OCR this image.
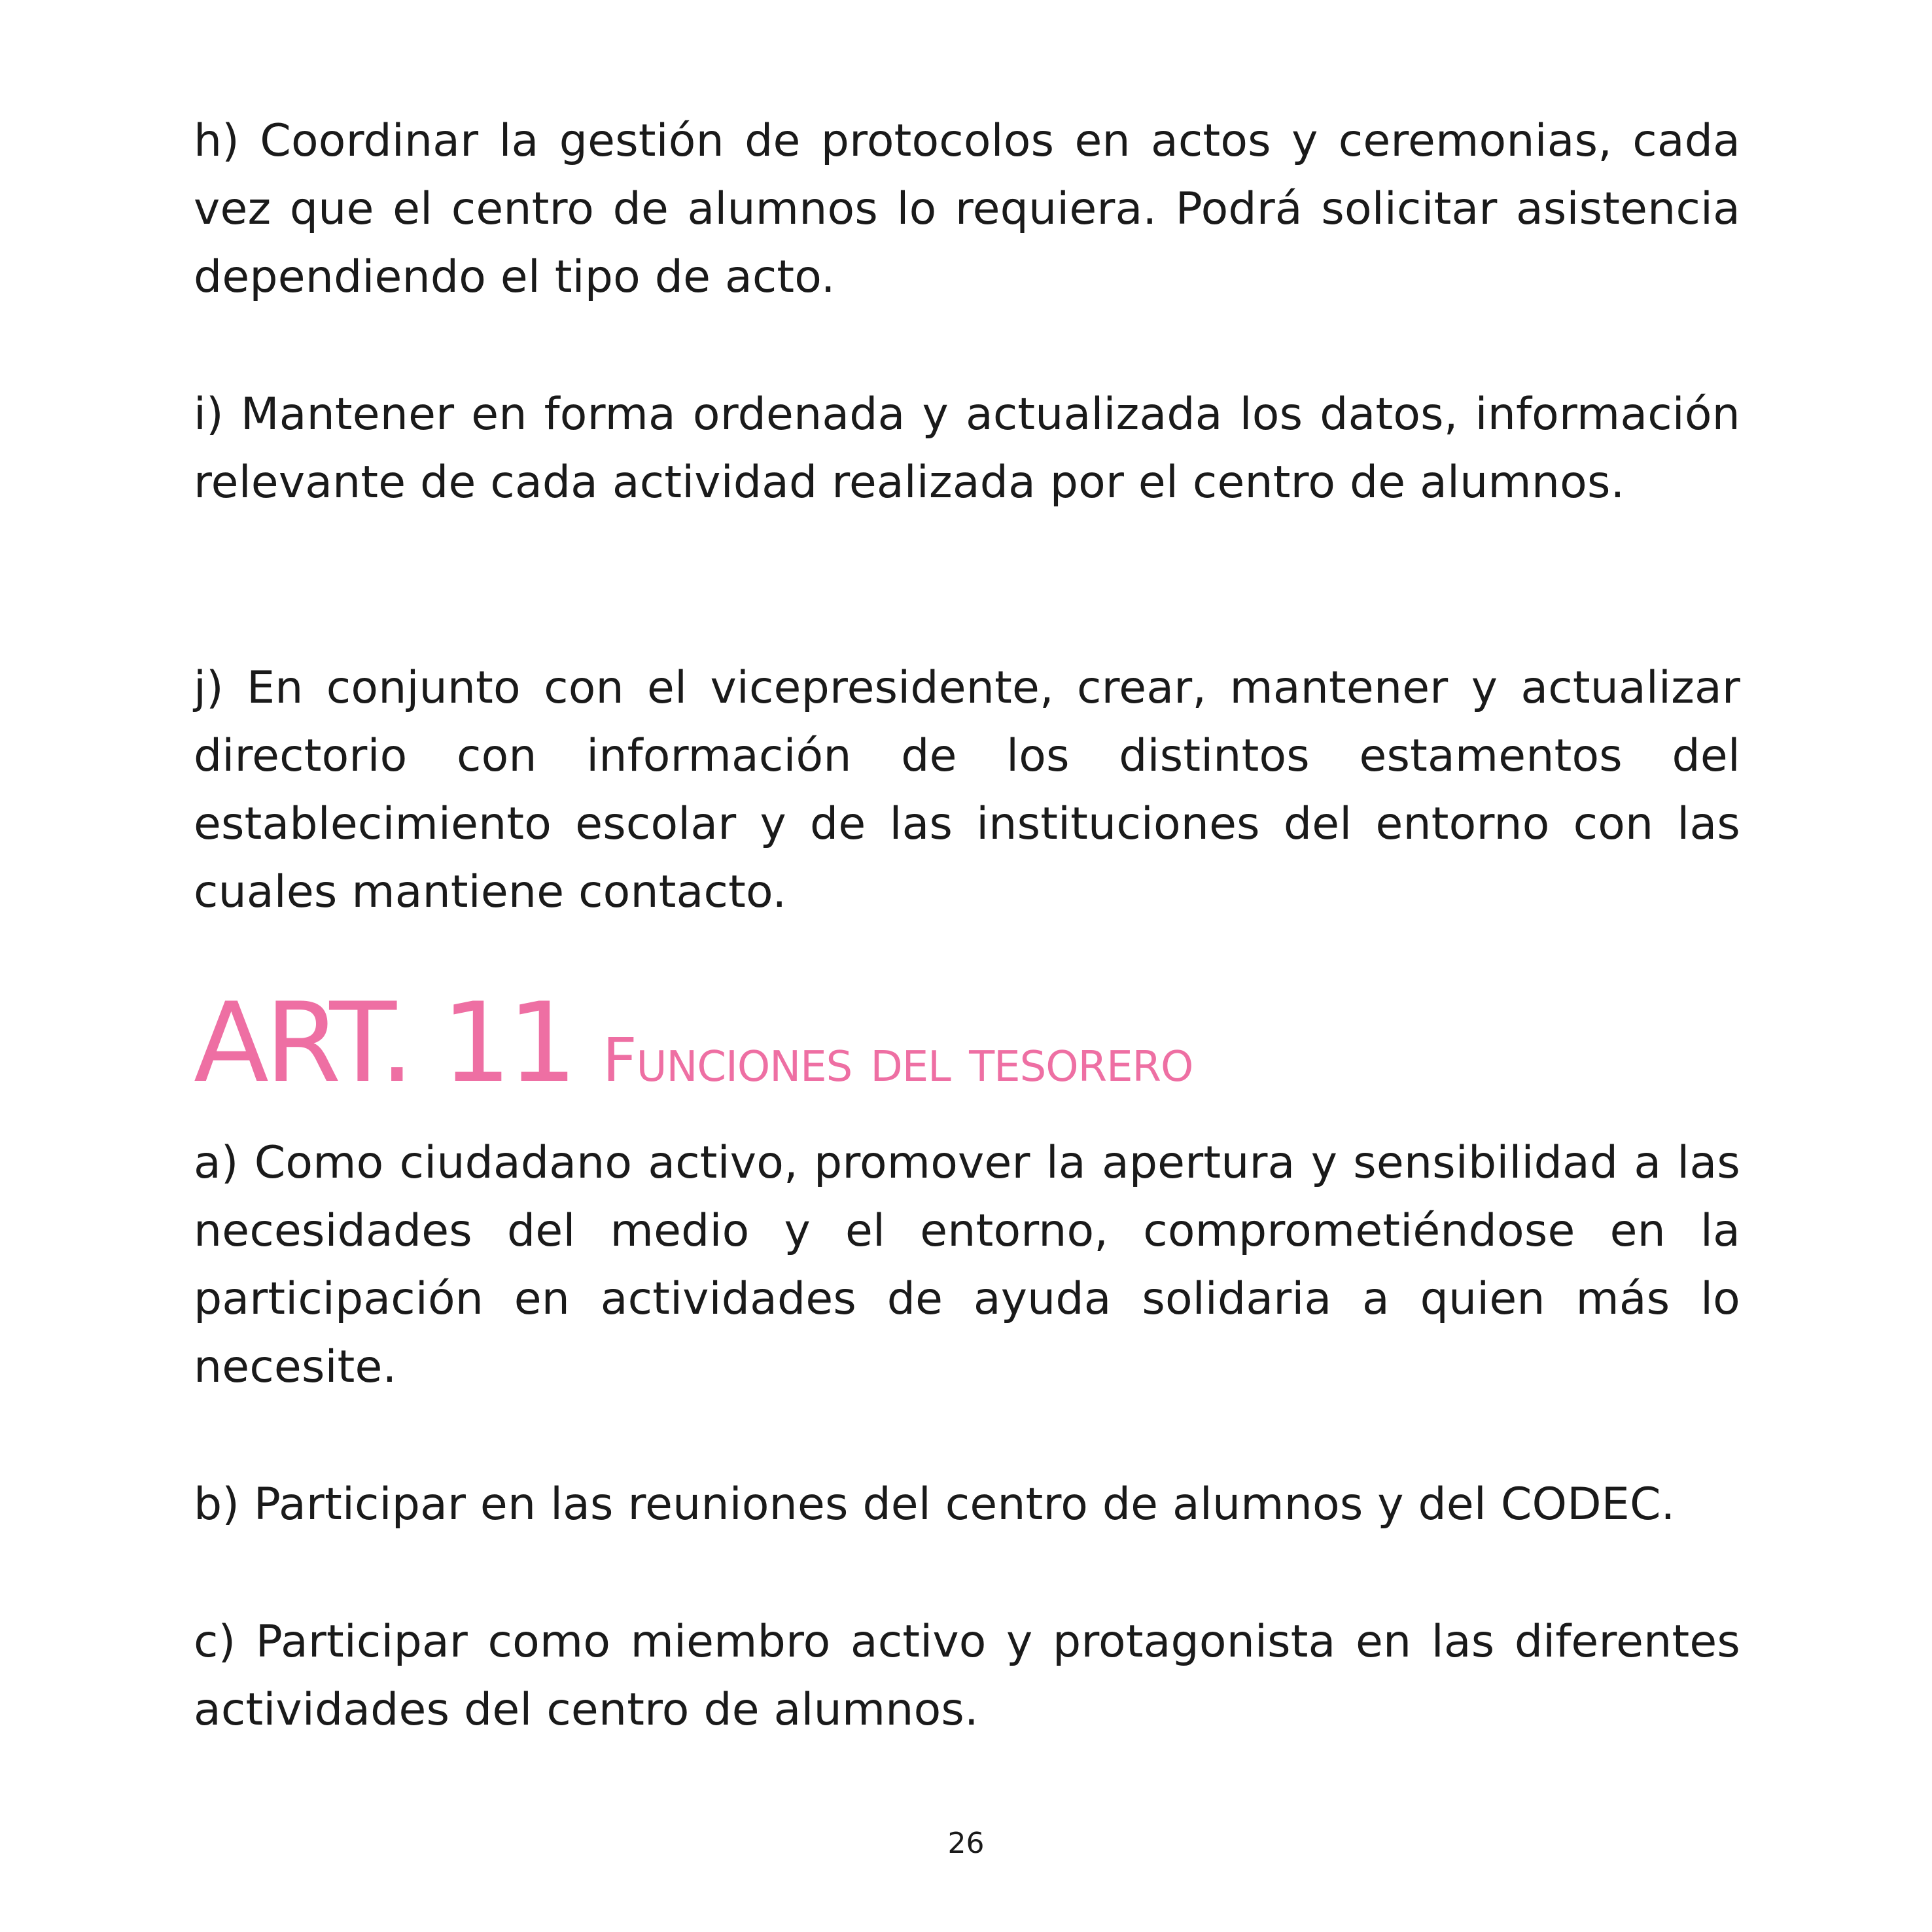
h) Coordinar la gestión de protocolos en actos y ceremonias, cada vez que el centro de alumnos lo requiera. Podrá solicitar asistencia dependiendo el tipo de acto.

i) Mantener en forma ordenada y actualizada los datos, información relevante de cada actividad realizada por el centro de alumnos.

j) En conjunto con el vicepresidente, crear, mantener y actualizar directorio con información de los distintos estamentos del establecimiento escolar y de las instituciones del entorno con las cuales mantiene contacto.

ART. 11 Funciones del tesorero

a) Como ciudadano activo, promover la apertura y sensibilidad a las necesidades del medio y el entorno, comprometiéndose en la participación en actividades de ayuda solidaria a quien más lo necesite.

b) Participar en las reuniones del centro de alumnos y del CODEC.

c) Participar como miembro activo y protagonista en las diferentes actividades del centro de alumnos.

26
